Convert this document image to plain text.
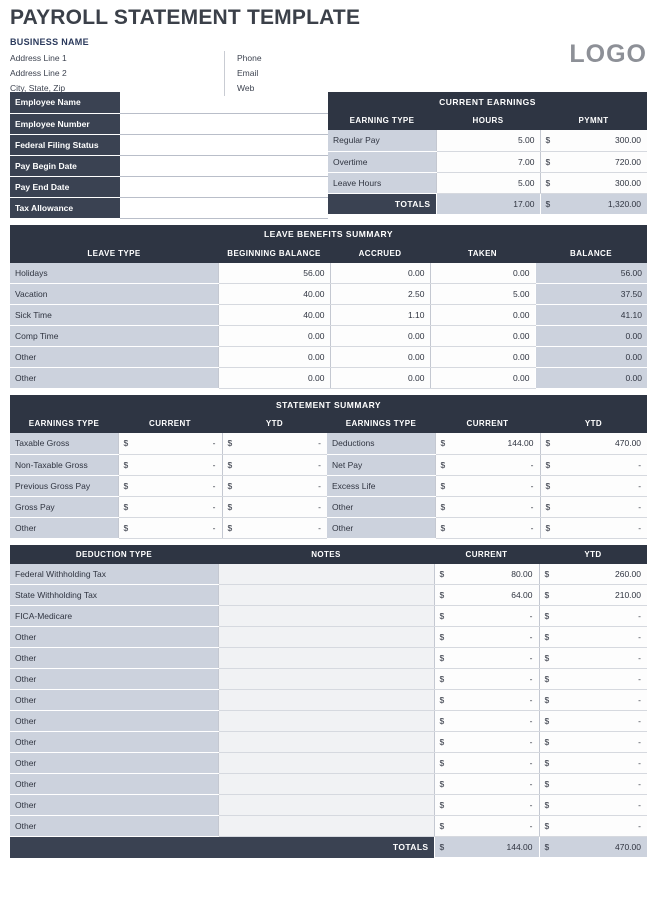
PAYROLL STATEMENT TEMPLATE
BUSINESS NAME
Address Line 1
Address Line 2
City, State, Zip
Phone
Email
Web
LOGO
Employee Name	
Employee Number	
Federal Filing Status	
Pay Begin Date	
Pay End Date	
Tax Allowance	
CURRENT EARNINGS		
EARNING TYPE	HOURS	PYMNT
Regular Pay	5.00	$ 300.00
Overtime	7.00	$ 720.00
Leave Hours	5.00	$ 300.00
TOTALS	17.00	$ 1,320.00
LEAVE BENEFITS SUMMARY				
LEAVE TYPE	BEGINNING BALANCE	ACCRUED	TAKEN	BALANCE
Holidays	56.00	0.00	0.00	56.00
Vacation	40.00	2.50	5.00	37.50
Sick Time	40.00	1.10	0.00	41.10
Comp Time	0.00	0.00	0.00	0.00
Other	0.00	0.00	0.00	0.00
Other	0.00	0.00	0.00	0.00
STATEMENT SUMMARY					
EARNINGS TYPE	CURRENT	YTD	EARNINGS TYPE	CURRENT	YTD
Taxable Gross	$ -	$ -	Deductions	$ 144.00	$ 470.00
Non-Taxable Gross	$ -	$ -	Net Pay	$ -	$ -
Previous Gross Pay	$ -	$ -	Excess Life	$ -	$ -
Gross Pay	$ -	$ -	Other	$ -	$ -
Other	$ -	$ -	Other	$ -	$ -
DEDUCTION TYPE	NOTES	CURRENT	YTD
Federal Withholding Tax		$ 80.00	$ 260.00
State Withholding Tax		$ 64.00	$ 210.00
FICA-Medicare		$ -	$ -
Other		$ -	$ -
Other		$ -	$ -
Other		$ -	$ -
Other		$ -	$ -
Other		$ -	$ -
Other		$ -	$ -
Other		$ -	$ -
Other		$ -	$ -
Other		$ -	$ -
Other		$ -	$ -
TOTALS		$ 144.00	$ 470.00
